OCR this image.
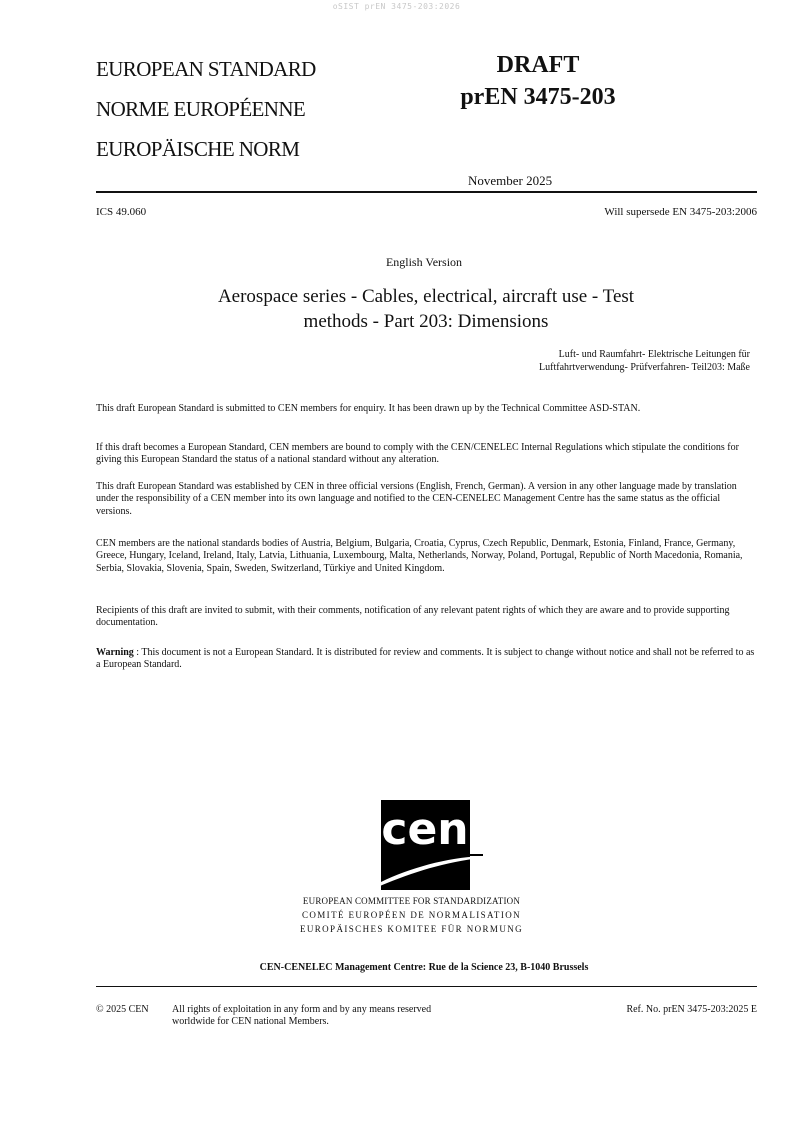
oSIST prEN 3475-203:2026
EUROPEAN STANDARD
NORME EUROPÉENNE
EUROPÄISCHE NORM
DRAFT
prEN 3475-203
November 2025
ICS 49.060	Will supersede EN 3475-203:2006
English Version
Aerospace series - Cables, electrical, aircraft use - Test
methods - Part 203: Dimensions
Luft- und Raumfahrt- Elektrische Leitungen für
Luftfahrtverwendung- Prüfverfahren- Teil203: Maße
This draft European Standard is submitted to CEN members for enquiry. It has been drawn up by the Technical Committee ASD-STAN.
If this draft becomes a European Standard, CEN members are bound to comply with the CEN/CENELEC Internal Regulations which stipulate the conditions for giving this European Standard the status of a national standard without any alteration.
This draft European Standard was established by CEN in three official versions (English, French, German). A version in any other language made by translation under the responsibility of a CEN member into its own language and notified to the CEN-CENELEC Management Centre has the same status as the official versions.
CEN members are the national standards bodies of Austria, Belgium, Bulgaria, Croatia, Cyprus, Czech Republic, Denmark, Estonia, Finland, France, Germany, Greece, Hungary, Iceland, Ireland, Italy, Latvia, Lithuania, Luxembourg, Malta, Netherlands, Norway, Poland, Portugal, Republic of North Macedonia, Romania, Serbia, Slovakia, Slovenia, Spain, Sweden, Switzerland, Türkiye and United Kingdom.
Recipients of this draft are invited to submit, with their comments, notification of any relevant patent rights of which they are aware and to provide supporting documentation.
Warning : This document is not a European Standard. It is distributed for review and comments. It is subject to change without notice and shall not be referred to as a European Standard.
cen
EUROPEAN COMMITTEE FOR STANDARDIZATION
COMITÉ EUROPÉEN DE NORMALISATION
EUROPÄISCHES KOMITEE FÜR NORMUNG
CEN-CENELEC Management Centre: Rue de la Science 23, B-1040 Brussels
© 2025 CEN All rights of exploitation in any form and by any means reserved
worldwide for CEN national Members.
Ref. No. prEN 3475-203:2025 E
